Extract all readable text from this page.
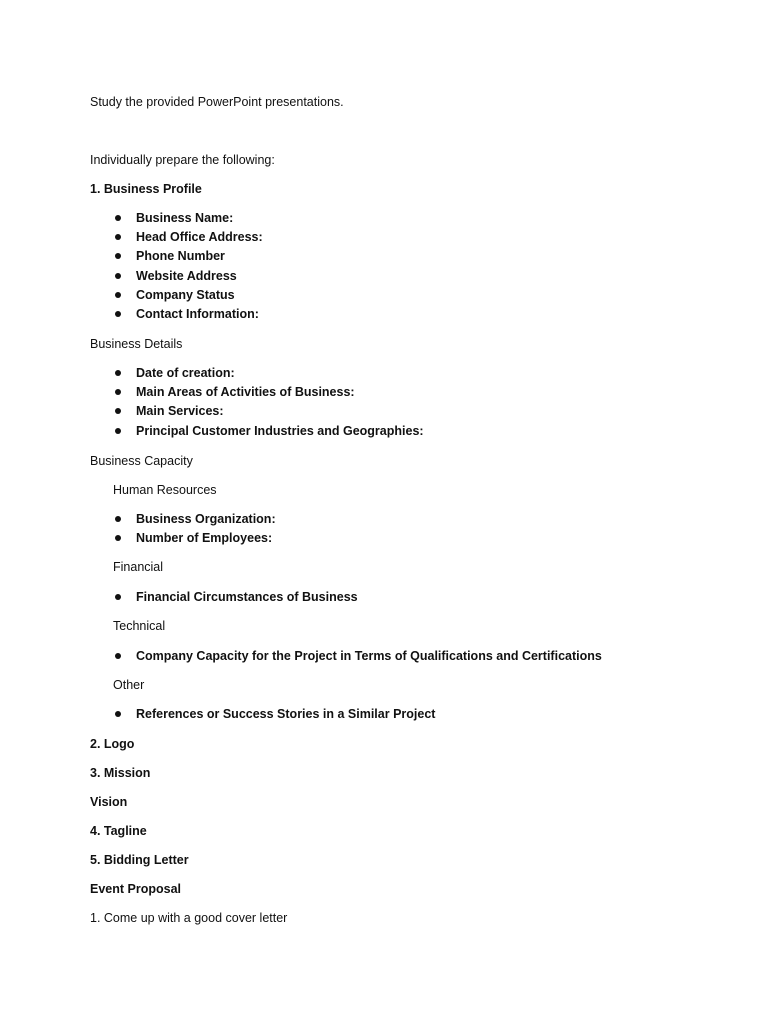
Study the provided PowerPoint presentations.
Individually prepare the following:
1. Business Profile
Business Name:
Head Office Address:
Phone Number
Website Address
Company Status
Contact Information:
Business Details
Date of creation:
Main Areas of Activities of Business:
Main Services:
Principal Customer Industries and Geographies:
Business Capacity
Human Resources
Business Organization:
Number of Employees:
Financial
Financial Circumstances of Business
Technical
Company Capacity for the Project in Terms of Qualifications and Certifications
Other
References or Success Stories in a Similar Project
2. Logo
3. Mission
Vision
4. Tagline
5. Bidding Letter
Event Proposal
1. Come up with a good cover letter
